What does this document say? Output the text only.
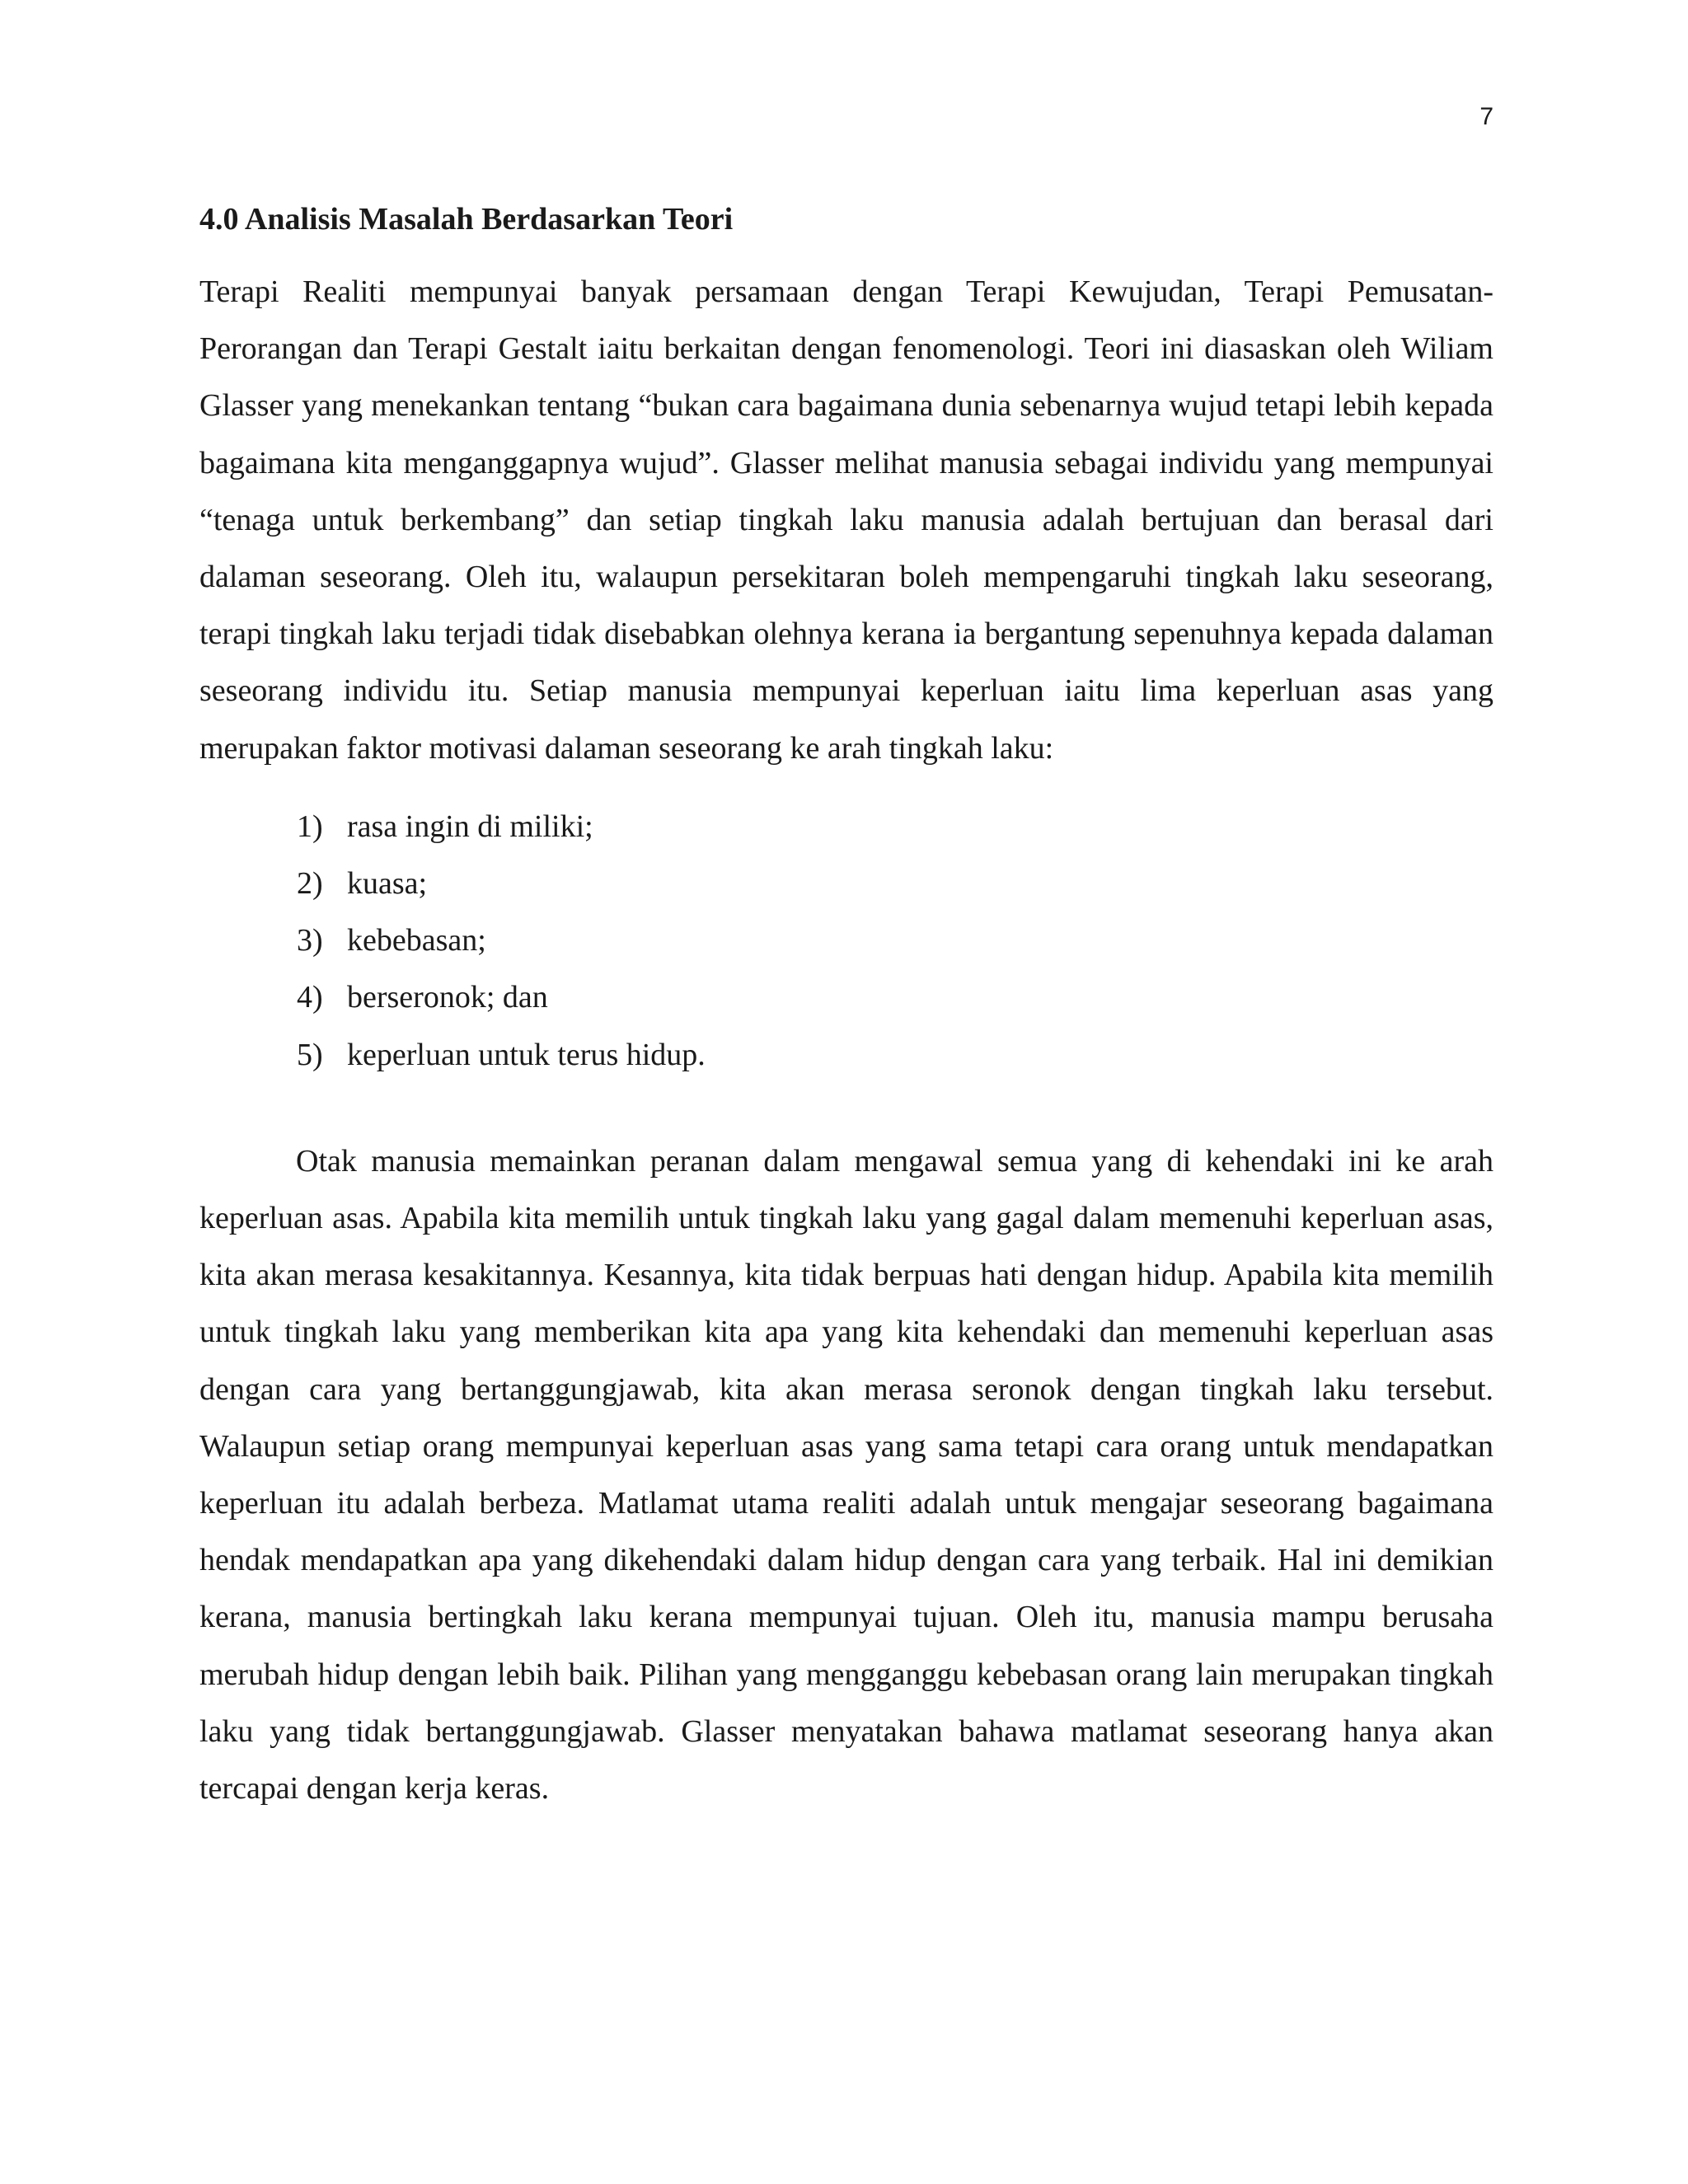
7
4.0 Analisis Masalah Berdasarkan Teori

Terapi Realiti mempunyai banyak persamaan dengan Terapi Kewujudan, Terapi Pemusatan-Perorangan dan Terapi Gestalt iaitu berkaitan dengan fenomenologi. Teori ini diasaskan oleh Wiliam Glasser yang menekankan tentang “bukan cara bagaimana dunia sebenarnya wujud tetapi lebih kepada bagaimana kita menganggapnya wujud”. Glasser melihat manusia sebagai individu yang mempunyai “tenaga untuk berkembang” dan setiap tingkah laku manusia adalah bertujuan dan berasal dari dalaman seseorang. Oleh itu, walaupun persekitaran boleh mempengaruhi tingkah laku seseorang, terapi tingkah laku terjadi tidak disebabkan olehnya kerana ia bergantung sepenuhnya kepada dalaman seseorang individu itu. Setiap manusia mempunyai keperluan iaitu lima keperluan asas yang merupakan faktor motivasi dalaman seseorang ke arah tingkah laku:

1) rasa ingin di miliki;
2) kuasa;
3) kebebasan;
4) berseronok; dan
5) keperluan untuk terus hidup.

Otak manusia memainkan peranan dalam mengawal semua yang di kehendaki ini ke arah keperluan asas. Apabila kita memilih untuk tingkah laku yang gagal dalam memenuhi keperluan asas, kita akan merasa kesakitannya. Kesannya, kita tidak berpuas hati dengan hidup. Apabila kita memilih untuk tingkah laku yang memberikan kita apa yang kita kehendaki dan memenuhi keperluan asas dengan cara yang bertanggungjawab, kita akan merasa seronok dengan tingkah laku tersebut. Walaupun setiap orang mempunyai keperluan asas yang sama tetapi cara orang untuk mendapatkan keperluan itu adalah berbeza. Matlamat utama realiti adalah untuk mengajar seseorang bagaimana hendak mendapatkan apa yang dikehendaki dalam hidup dengan cara yang terbaik. Hal ini demikian kerana, manusia bertingkah laku kerana mempunyai tujuan. Oleh itu, manusia mampu berusaha merubah hidup dengan lebih baik. Pilihan yang mengganggu kebebasan orang lain merupakan tingkah laku yang tidak bertanggungjawab. Glasser menyatakan bahawa matlamat seseorang hanya akan tercapai dengan kerja keras.
